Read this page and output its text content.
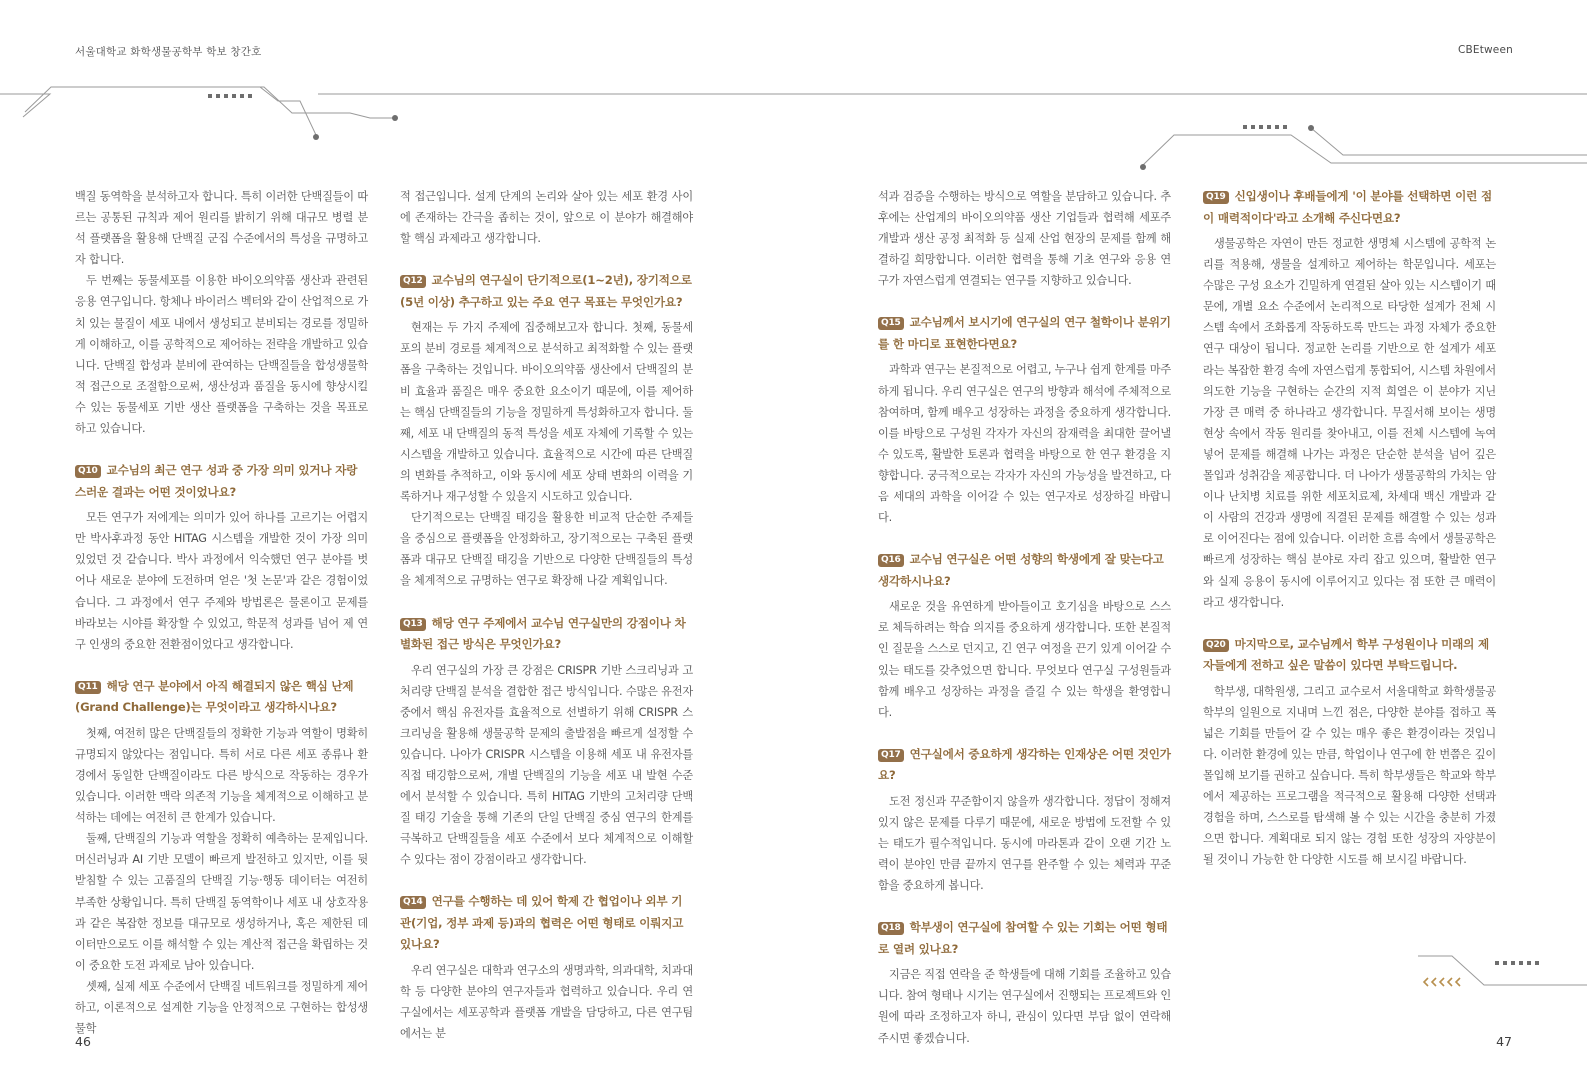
서울대학교 화학생물공학부 학보 창간호	CBEtween

백질 동역학을 분석하고자 합니다. 특히 이러한 단백질들이 따르는 공통된 규칙과 제어 원리를 밝히기 위해 대규모 병렬 분석 플랫폼을 활용해 단백질 군집 수준에서의 특성을 규명하고자 합니다.

두 번째는 동물세포를 이용한 바이오의약품 생산과 관련된 응용 연구입니다. 항체나 바이러스 벡터와 같이 산업적으로 가치 있는 물질이 세포 내에서 생성되고 분비되는 경로를 정밀하게 이해하고, 이를 공학적으로 제어하는 전략을 개발하고 있습니다. 단백질 합성과 분비에 관여하는 단백질들을 합성생물학적 접근으로 조절함으로써, 생산성과 품질을 동시에 향상시킬 수 있는 동물세포 기반 생산 플랫폼을 구축하는 것을 목표로 하고 있습니다.

Q10 교수님의 최근 연구 성과 중 가장 의미 있거나 자랑스러운 결과는 어떤 것이었나요?

모든 연구가 저에게는 의미가 있어 하나를 고르기는 어렵지만 박사후과정 동안 HITAG 시스템을 개발한 것이 가장 의미 있었던 것 같습니다. 박사 과정에서 익숙했던 연구 분야를 벗어나 새로운 분야에 도전하며 얻은 '첫 논문'과 같은 경험이었습니다. 그 과정에서 연구 주제와 방법론은 물론이고 문제를 바라보는 시야를 확장할 수 있었고, 학문적 성과를 넘어 제 연구 인생의 중요한 전환점이었다고 생각합니다.

Q11 해당 연구 분야에서 아직 해결되지 않은 핵심 난제(Grand Challenge)는 무엇이라고 생각하시나요?

첫째, 여전히 많은 단백질들의 정확한 기능과 역할이 명확히 규명되지 않았다는 점입니다. 특히 서로 다른 세포 종류나 환경에서 동일한 단백질이라도 다른 방식으로 작동하는 경우가 있습니다. 이러한 맥락 의존적 기능을 체계적으로 이해하고 분석하는 데에는 여전히 큰 한계가 있습니다.

둘째, 단백질의 기능과 역할을 정확히 예측하는 문제입니다. 머신러닝과 AI 기반 모델이 빠르게 발전하고 있지만, 이를 뒷받침할 수 있는 고품질의 단백질 기능·행동 데이터는 여전히 부족한 상황입니다. 특히 단백질 동역학이나 세포 내 상호작용과 같은 복잡한 정보를 대규모로 생성하거나, 혹은 제한된 데이터만으로도 이를 해석할 수 있는 계산적 접근을 확립하는 것이 중요한 도전 과제로 남아 있습니다.

셋째, 실제 세포 수준에서 단백질 네트워크를 정밀하게 제어하고, 이론적으로 설계한 기능을 안정적으로 구현하는 합성생물학

적 접근입니다. 설계 단계의 논리와 살아 있는 세포 환경 사이에 존재하는 간극을 좁히는 것이, 앞으로 이 분야가 해결해야 할 핵심 과제라고 생각합니다.

Q12 교수님의 연구실이 단기적으로(1~2년), 장기적으로(5년 이상) 추구하고 있는 주요 연구 목표는 무엇인가요?

현재는 두 가지 주제에 집중해보고자 합니다. 첫째, 동물세포의 분비 경로를 체계적으로 분석하고 최적화할 수 있는 플랫폼을 구축하는 것입니다. 바이오의약품 생산에서 단백질의 분비 효율과 품질은 매우 중요한 요소이기 때문에, 이를 제어하는 핵심 단백질들의 기능을 정밀하게 특성화하고자 합니다. 둘째, 세포 내 단백질의 동적 특성을 세포 자체에 기록할 수 있는 시스템을 개발하고 있습니다. 효율적으로 시간에 따른 단백질의 변화를 추적하고, 이와 동시에 세포 상태 변화의 이력을 기록하거나 재구성할 수 있을지 시도하고 있습니다.

단기적으로는 단백질 태깅을 활용한 비교적 단순한 주제들을 중심으로 플랫폼을 안정화하고, 장기적으로는 구축된 플랫폼과 대규모 단백질 태깅을 기반으로 다양한 단백질들의 특성을 체계적으로 규명하는 연구로 확장해 나갈 계획입니다.

Q13 해당 연구 주제에서 교수님 연구실만의 강점이나 차별화된 접근 방식은 무엇인가요?

우리 연구실의 가장 큰 강점은 CRISPR 기반 스크리닝과 고처리량 단백질 분석을 결합한 접근 방식입니다. 수많은 유전자 중에서 핵심 유전자를 효율적으로 선별하기 위해 CRISPR 스크리닝을 활용해 생물공학 문제의 출발점을 빠르게 설정할 수 있습니다. 나아가 CRISPR 시스템을 이용해 세포 내 유전자를 직접 태깅함으로써, 개별 단백질의 기능을 세포 내 발현 수준에서 분석할 수 있습니다. 특히 HITAG 기반의 고처리량 단백질 태깅 기술을 통해 기존의 단일 단백질 중심 연구의 한계를 극복하고 단백질들을 세포 수준에서 보다 체계적으로 이해할 수 있다는 점이 강점이라고 생각합니다.

Q14 연구를 수행하는 데 있어 학제 간 협업이나 외부 기관(기업, 정부 과제 등)과의 협력은 어떤 형태로 이뤄지고 있나요?

우리 연구실은 대학과 연구소의 생명과학, 의과대학, 치과대학 등 다양한 분야의 연구자들과 협력하고 있습니다. 우리 연구실에서는 세포공학과 플랫폼 개발을 담당하고, 다른 연구팀에서는 분

석과 검증을 수행하는 방식으로 역할을 분담하고 있습니다. 추후에는 산업계의 바이오의약품 생산 기업들과 협력해 세포주 개발과 생산 공정 최적화 등 실제 산업 현장의 문제를 함께 해결하길 희망합니다. 이러한 협력을 통해 기초 연구와 응용 연구가 자연스럽게 연결되는 연구를 지향하고 있습니다.

Q15 교수님께서 보시기에 연구실의 연구 철학이나 분위기를 한 마디로 표현한다면요?

과학과 연구는 본질적으로 어렵고, 누구나 쉽게 한계를 마주하게 됩니다. 우리 연구실은 연구의 방향과 해석에 주체적으로 참여하며, 함께 배우고 성장하는 과정을 중요하게 생각합니다. 이를 바탕으로 구성원 각자가 자신의 잠재력을 최대한 끌어낼 수 있도록, 활발한 토론과 협력을 바탕으로 한 연구 환경을 지향합니다. 궁극적으로는 각자가 자신의 가능성을 발견하고, 다음 세대의 과학을 이어갈 수 있는 연구자로 성장하길 바랍니다.

Q16 교수님 연구실은 어떤 성향의 학생에게 잘 맞는다고 생각하시나요?

새로운 것을 유연하게 받아들이고 호기심을 바탕으로 스스로 체득하려는 학습 의지를 중요하게 생각합니다. 또한 본질적인 질문을 스스로 던지고, 긴 연구 여정을 끈기 있게 이어갈 수 있는 태도를 갖추었으면 합니다. 무엇보다 연구실 구성원들과 함께 배우고 성장하는 과정을 즐길 수 있는 학생을 환영합니다.

Q17 연구실에서 중요하게 생각하는 인재상은 어떤 것인가요?

도전 정신과 꾸준함이지 않을까 생각합니다. 정답이 정해져 있지 않은 문제를 다루기 때문에, 새로운 방법에 도전할 수 있는 태도가 필수적입니다. 동시에 마라톤과 같이 오랜 기간 노력이 분야인 만큼 끝까지 연구를 완주할 수 있는 체력과 꾸준함을 중요하게 봅니다.

Q18 학부생이 연구실에 참여할 수 있는 기회는 어떤 형태로 열려 있나요?

지금은 직접 연락을 준 학생들에 대해 기회를 조율하고 있습니다. 참여 형태나 시기는 연구실에서 진행되는 프로젝트와 인원에 따라 조정하고자 하니, 관심이 있다면 부담 없이 연락해 주시면 좋겠습니다.

Q19 신입생이나 후배들에게 '이 분야를 선택하면 이런 점이 매력적이다'라고 소개해 주신다면요?

생물공학은 자연이 만든 정교한 생명체 시스템에 공학적 논리를 적용해, 생물을 설계하고 제어하는 학문입니다. 세포는 수많은 구성 요소가 긴밀하게 연결된 살아 있는 시스템이기 때문에, 개별 요소 수준에서 논리적으로 타당한 설계가 전체 시스템 속에서 조화롭게 작동하도록 만드는 과정 자체가 중요한 연구 대상이 됩니다. 정교한 논리를 기반으로 한 설계가 세포라는 복잡한 환경 속에 자연스럽게 통합되어, 시스템 차원에서 의도한 기능을 구현하는 순간의 지적 희열은 이 분야가 지닌 가장 큰 매력 중 하나라고 생각합니다. 무질서해 보이는 생명현상 속에서 작동 원리를 찾아내고, 이를 전체 시스템에 녹여 넣어 문제를 해결해 나가는 과정은 단순한 분석을 넘어 깊은 몰입과 성취감을 제공합니다. 더 나아가 생물공학의 가치는 암이나 난치병 치료를 위한 세포치료제, 차세대 백신 개발과 같이 사람의 건강과 생명에 직결된 문제를 해결할 수 있는 성과로 이어진다는 점에 있습니다. 이러한 흐름 속에서 생물공학은 빠르게 성장하는 핵심 분야로 자리 잡고 있으며, 활발한 연구와 실제 응용이 동시에 이루어지고 있다는 점 또한 큰 매력이라고 생각합니다.

Q20 마지막으로, 교수님께서 학부 구성원이나 미래의 제자들에게 전하고 싶은 말씀이 있다면 부탁드립니다.

학부생, 대학원생, 그리고 교수로서 서울대학교 화학생물공학부의 일원으로 지내며 느낀 점은, 다양한 분야를 접하고 폭넓은 기회를 만들어 갈 수 있는 매우 좋은 환경이라는 것입니다. 이러한 환경에 있는 만큼, 학업이나 연구에 한 번쯤은 깊이 몰입해 보기를 권하고 싶습니다. 특히 학부생들은 학교와 학부에서 제공하는 프로그램을 적극적으로 활용해 다양한 선택과 경험을 하며, 스스로를 탐색해 볼 수 있는 시간을 충분히 가졌으면 합니다. 계획대로 되지 않는 경험 또한 성장의 자양분이 될 것이니 가능한 한 다양한 시도를 해 보시길 바랍니다.

46	47
